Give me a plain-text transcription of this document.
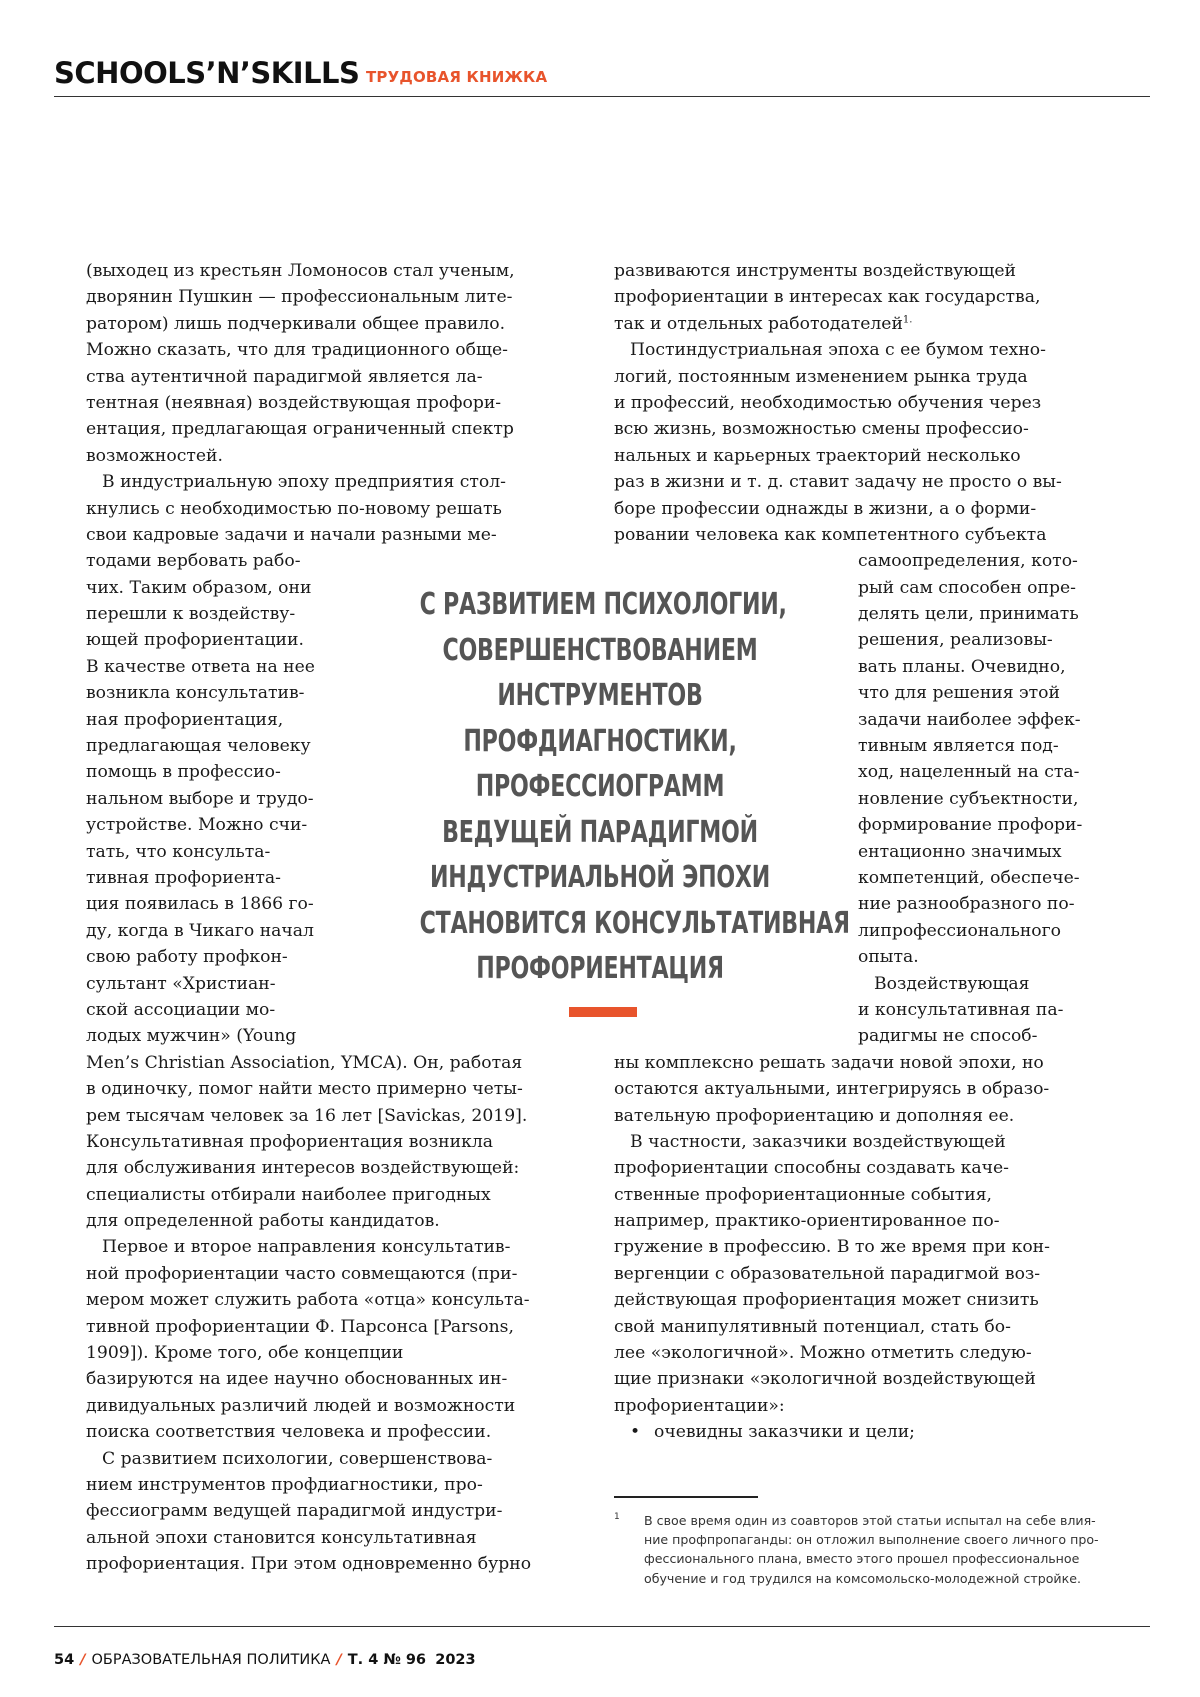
SCHOOLS’N’SKILLS ТРУДОВАЯ КНИЖКА
(выходец из крестьян Ломоносов стал ученым,
дворянин Пушкин — профессиональным лите-
ратором) лишь подчеркивали общее правило.
Можно сказать, что для традиционного обще-
ства аутентичной парадигмой является ла-
тентная (неявная) воздействующая профори-
ентация, предлагающая ограниченный спектр
возможностей.
В индустриальную эпоху предприятия стол-
кнулись с необходимостью по-новому решать
свои кадровые задачи и начали разными ме-
тодами вербовать рабо-
чих. Таким образом, они
перешли к воздейству-
ющей профориентации.
В качестве ответа на нее
возникла консультатив-
ная профориентация,
предлагающая человеку
помощь в профессио-
нальном выборе и трудо-
устройстве. Можно счи-
тать, что консульта-
тивная профориента-
ция появилась в 1866 го-
ду, когда в Чикаго начал
свою работу профкон-
сультант «Христиан-
ской ассоциации мо-
лодых мужчин» (Young
Men’s Christian Association, YMCA). Он, работая
в одиночку, помог найти место примерно четы-
рем тысячам человек за 16 лет [Savickas, 2019].
Консультативная профориентация возникла
для обслуживания интересов воздействующей:
специалисты отбирали наиболее пригодных
для определенной работы кандидатов.
Первое и второе направления консультатив-
ной профориентации часто совмещаются (при-
мером может служить работа «отца» консульта-
тивной профориентации Ф. Парсонса [Parsons,
1909]). Кроме того, обе концепции
базируются на идее научно обоснованных ин-
дивидуальных различий людей и возможности
поиска соответствия человека и профессии.
С развитием психологии, совершенствова-
нием инструментов профдиагностики, про-
фессиограмм ведущей парадигмой индустри-
альной эпохи становится консультативная
профориентация. При этом одновременно бурно
развиваются инструменты воздействующей
профориентации в интересах как государства,
так и отдельных работодателей1.
Постиндустриальная эпоха с ее бумом техно-
логий, постоянным изменением рынка труда
и профессий, необходимостью обучения через
всю жизнь, возможностью смены профессио-
нальных и карьерных траекторий несколько
раз в жизни и т. д. ставит задачу не просто о вы-
боре профессии однажды в жизни, а о форми-
ровании человека как компетентного субъекта
самоопределения, кото-
рый сам способен опре-
делять цели, принимать
решения, реализовы-
вать планы. Очевидно,
что для решения этой
задачи наиболее эффек-
тивным является под-
ход, нацеленный на ста-
новление субъектности,
формирование профори-
ентационно значимых
компетенций, обеспече-
ние разнообразного по-
липрофессионального
опыта.
Воздействующая
и консультативная па-
радигмы не способ-
ны комплексно решать задачи новой эпохи, но
остаются актуальными, интегрируясь в образо-
вательную профориентацию и дополняя ее.
В частности, заказчики воздействующей
профориентации способны создавать каче-
ственные профориентационные события,
например, практико-ориентированное по-
гружение в профессию. В то же время при кон-
вергенции с образовательной парадигмой воз-
действующая профориентация может снизить
свой манипулятивный потенциал, стать бо-
лее «экологичной». Можно отметить следую-
щие признаки «экологичной воздействующей
профориентации»:
• очевидны заказчики и цели;
С РАЗВИТИЕМ ПСИХОЛОГИИ,
СОВЕРШЕНСТВОВАНИЕМ
ИНСТРУМЕНТОВ
ПРОФДИАГНОСТИКИ,
ПРОФЕССИОГРАММ
ВЕДУЩЕЙ ПАРАДИГМОЙ
ИНДУСТРИАЛЬНОЙ ЭПОХИ
СТАНОВИТСЯ КОНСУЛЬТАТИВНАЯ
ПРОФОРИЕНТАЦИЯ
1 В свое время один из соавторов этой статьи испытал на себе влия-
ние профпропаганды: он отложил выполнение своего личного про-
фессионального плана, вместо этого прошел профессиональное
обучение и год трудился на комсомольско-молодежной стройке.
54 / ОБРАЗОВАТЕЛЬНАЯ ПОЛИТИКА / Т. 4 № 96 2023
